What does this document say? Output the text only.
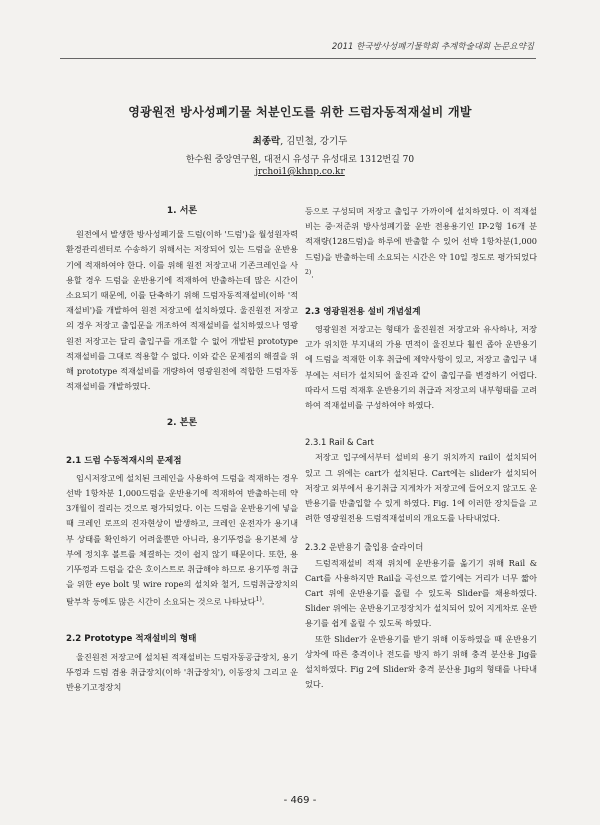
2011 한국방사성폐기물학회 추계학술대회 논문요약집
영광원전 방사성폐기물 처분인도를 위한 드럼자동적재설비 개발
최종락, 김민철, 강기두
한수원 중앙연구원, 대전시 유성구 유성대로 1312번길 70
jrchoi1@khnp.co.kr
1. 서론

원전에서 발생한 방사성폐기물 드럼(이하 '드럼')을 월성원자력환경관리센터로 수송하기 위해서는 저장되어 있는 드럼을 운반용기에 적재하여야 한다. 이를 위해 원전 저장고내 기존크레인을 사용할 경우 드럼을 운반용기에 적재하여 반출하는데 많은 시간이 소요되기 때문에, 이를 단축하기 위해 드럼자동적재설비(이하 '적재설비')를 개발하여 원전 저장고에 설치하였다. 울진원전 저장고의 경우 저장고 출입문을 개조하여 적재설비를 설치하였으나 영광원전 저장고는 달리 출입구를 개조할 수 없어 개발된 prototype 적재설비를 그대로 적용할 수 없다. 이와 같은 문제점의 해결을 위해 prototype 적재설비를 개량하여 영광원전에 적합한 드럼자동적재설비를 개발하였다.

2. 본론
2.1 드럼 수동적재시의 문제점

임시저장고에 설치된 크레인을 사용하여 드럼을 적재하는 경우 선박 1항차분 1,000드럼을 운반용기에 적재하여 반출하는데 약 3개월이 걸리는 것으로 평가되었다. 이는 드럼을 운반용기에 넣을 때 크레인 로프의 진자현상이 발생하고, 크레인 운전자가 용기내부 상태를 확인하기 어려울뿐만 아니라, 용기뚜껑을 용기본체 상부에 정치후 볼트를 체결하는 것이 쉽지 않기 때문이다. 또한, 용기뚜껑과 드럼을 같은 호이스트로 취급해야 하므로 용기뚜껑 취급을 위한 eye bolt 및 wire rope의 설치와 철거, 드럼취급장치의 탈부착 등에도 많은 시간이 소요되는 것으로 나타났다$^{1)}$.

2.2 Prototype 적재설비의 형태

울진원전 저장고에 설치된 적재설비는 드럼자동공급장치, 용기뚜껑과 드럼 겸용 취급장치(이하 '취급장치'), 이동장치 그리고 운반용기고정장치

등으로 구성되며 저장고 출입구 가까이에 설치하였다. 이 적재설비는 중·저준위 방사성폐기물 운반 전용용기인 IP-2형 16개 분 적재량(128드럼)을 하루에 반출할 수 있어 선박 1항차분(1,000드럼)을 반출하는데 소요되는 시간은 약 10일 정도로 평가되었다$^{2)}$.

2.3 영광원전용 설비 개념설계

영광원전 저장고는 형태가 울진원전 저장고와 유사하나, 저장고가 위치한 부지내의 가용 면적이 울진보다 훨씬 좁아 운반용기에 드럼을 적재한 이후 취급에 제약사항이 있고, 저장고 출입구 내부에는 셔터가 설치되어 울진과 같이 출입구를 변경하기 어렵다. 따라서 드럼 적재후 운반용기의 취급과 저장고의 내부형태를 고려하여 적재설비를 구성하여야 하였다.

2.3.1 Rail & Cart

저장고 입구에서부터 설비의 용기 위치까지 rail이 설치되어 있고 그 위에는 cart가 설치된다. Cart에는 slider가 설치되어 저장고 외부에서 용기취급 지게차가 저장고에 들어오지 않고도 운반용기를 반출입할 수 있게 하였다. Fig. 1에 이러한 장치들을 고려한 영광원전용 드럼적재설비의 개요도를 나타내었다.

2.3.2 운반용기 출입용 슬라이더

드럼적재설비 적재 위치에 운반용기를 옮기기 위해 Rail & Cart를 사용하지만 Rail을 곡선으로 깔기에는 거리가 너무 짧아 Cart 위에 운반용기를 올릴 수 있도록 Slider를 채용하였다. Slider 위에는 운반용기고정장치가 설치되어 있어 지게차로 운반용기를 쉽게 올릴 수 있도록 하였다.

또한 Slider가 운반용기를 받기 위해 이동하였을 때 운반용기 상차에 따른 충격이나 전도를 방지 하기 위해 충격 분산용 Jig를 설치하였다. Fig 2에 Slider와 충격 분산용 Jig의 형태를 나타내었다.

- 469 -
